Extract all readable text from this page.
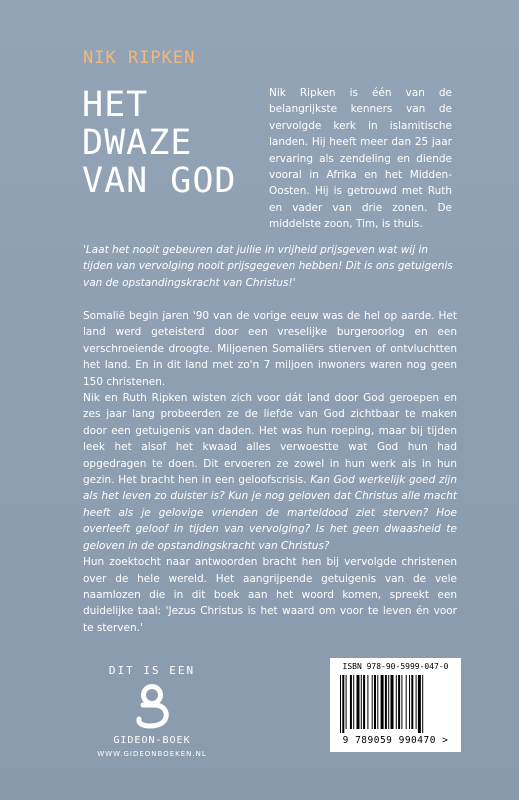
NIK RIPKEN
HET
DWAZE
VAN GOD
Nik Ripken is één van de belangrijkste kenners van de vervolgde kerk in islamitische landen. Hij heeft meer dan 25 jaar ervaring als zendeling en diende vooral in Afrika en het Midden-Oosten. Hij is getrouwd met Ruth en vader van drie zonen. De middelste zoon, Tim, is thuis.
'Laat het nooit gebeuren dat jullie in vrijheid prijsgeven wat wij in tijden van vervolging nooit prijsgegeven hebben! Dit is ons getuigenis van de opstandingskracht van Christus!'

Somalië begin jaren '90 van de vorige eeuw was de hel op aarde. Het land werd geteisterd door een vreselijke burgeroorlog en een verschroeiende droogte. Miljoenen Somaliërs stierven of ontvluchtten het land. En in dit land met zo'n 7 miljoen inwoners waren nog geen 150 christenen.

Nik en Ruth Ripken wisten zich voor dát land door God geroepen en zes jaar lang probeerden ze de liefde van God zichtbaar te maken door een getuigenis van daden. Het was hun roeping, maar bij tijden leek het alsof het kwaad alles verwoestte wat God hun had opgedragen te doen. Dit ervoeren ze zowel in hun werk als in hun gezin. Het bracht hen in een geloofscrisis. Kan God werkelijk goed zijn als het leven zo duister is? Kun je nog geloven dat Christus alle macht heeft als je gelovige vrienden de marteldood ziet sterven? Hoe overleeft geloof in tijden van vervolging? Is het geen dwaasheid te geloven in de opstandingskracht van Christus?

Hun zoektocht naar antwoorden bracht hen bij vervolgde christenen over de hele wereld. Het aangrijpende getuigenis van de vele naamlozen die in dit boek aan het woord komen, spreekt een duidelijke taal: 'Jezus Christus is het waard om voor te leven én voor te sterven.'

DIT IS EEN
GIDEON-BOEK
WWW.GIDEONBOEKEN.NL
ISBN 978-90-5999-047-0
9 789059 990470 >
